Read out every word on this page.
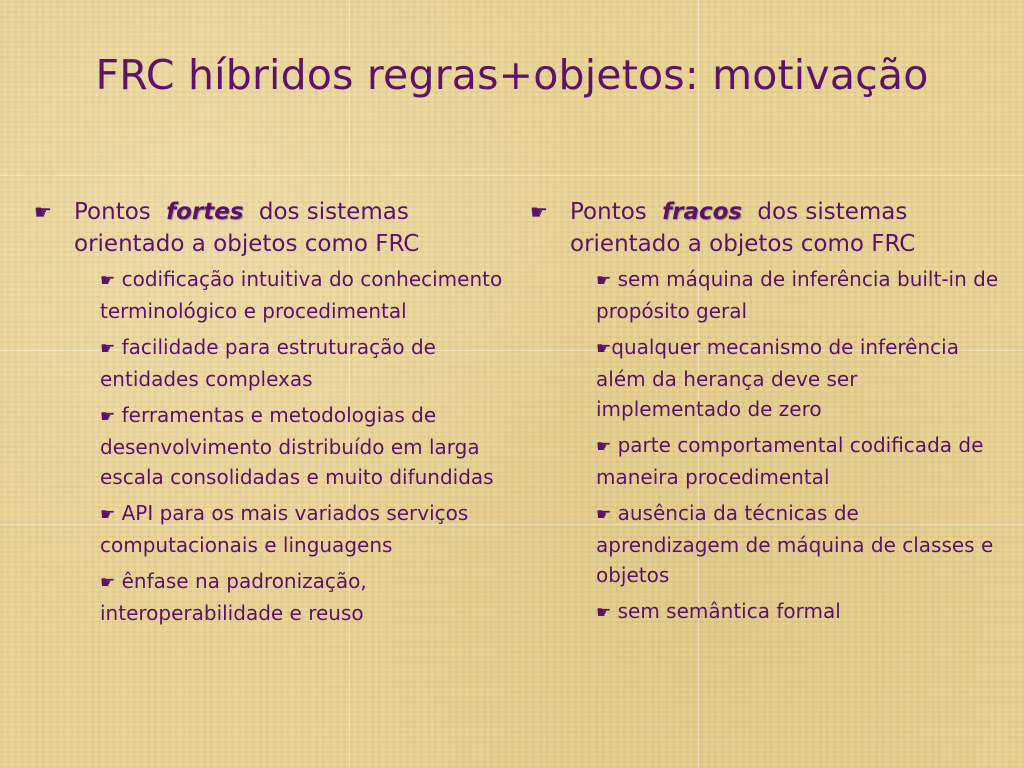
FRC híbridos regras+objetos: motivação
☛ Pontos fortes dos sistemas orientado a objetos como FRC
☛ codificação intuitiva do conhecimento terminológico e procedimental
☛ facilidade para estruturação de entidades complexas
☛ ferramentas e metodologias de desenvolvimento distribuído em larga escala consolidadas e muito difundidas
☛ API para os mais variados serviços computacionais e linguagens
☛ ênfase na padronização, interoperabilidade e reuso
☛ Pontos fracos dos sistemas orientado a objetos como FRC
☛ sem máquina de inferência built-in de propósito geral
☛qualquer mecanismo de inferência além da herança deve ser implementado de zero
☛ parte comportamental codificada de maneira procedimental
☛ ausência da técnicas de aprendizagem de máquina de classes e objetos
☛ sem semântica formal
